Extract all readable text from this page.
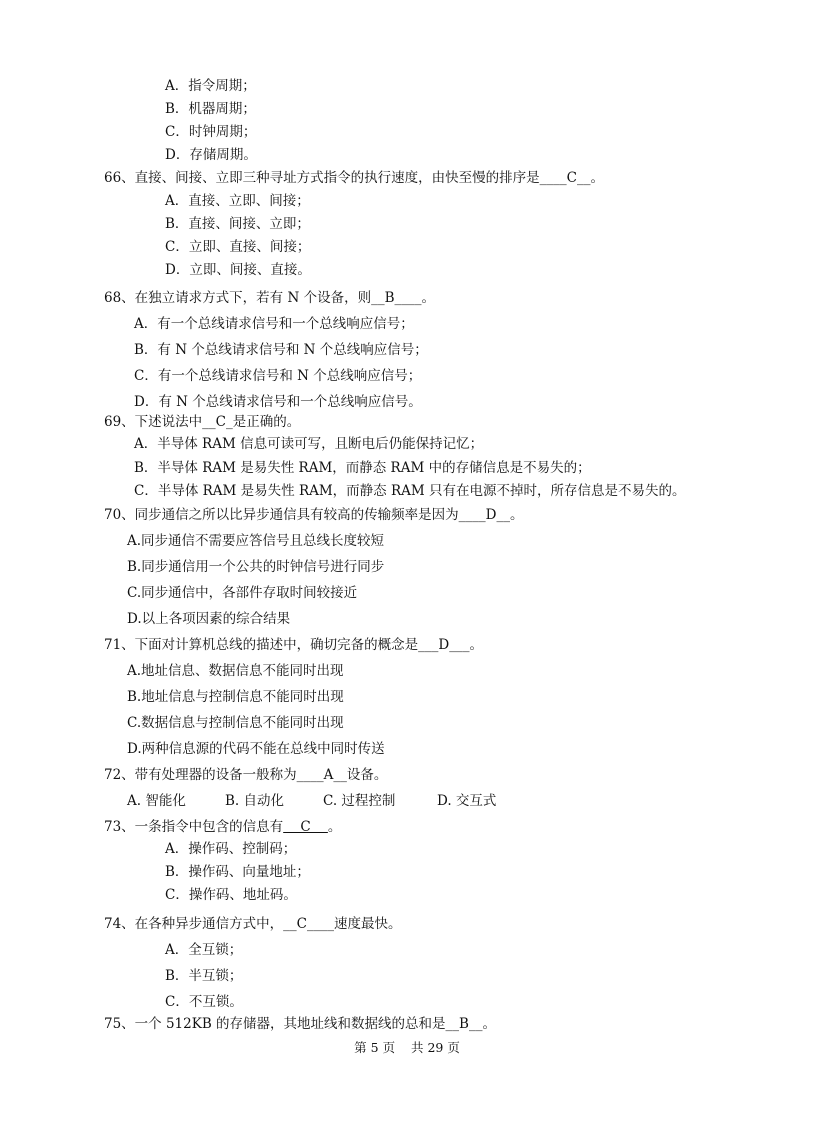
A．指令周期；
B．机器周期；
C．时钟周期；
D．存储周期。
66、直接、间接、立即三种寻址方式指令的执行速度，由快至慢的排序是____C__。
A．直接、立即、间接；
B．直接、间接、立即；
C．立即、直接、间接；
D．立即、间接、直接。
68、在独立请求方式下，若有 N 个设备，则__B____。
A．有一个总线请求信号和一个总线响应信号；
B．有 N 个总线请求信号和 N 个总线响应信号；
C．有一个总线请求信号和 N 个总线响应信号；
D．有 N 个总线请求信号和一个总线响应信号。
69、下述说法中__C_是正确的。
A．半导体 RAM 信息可读可写，且断电后仍能保持记忆；
B．半导体 RAM 是易失性 RAM，而静态 RAM 中的存储信息是不易失的；
C．半导体 RAM 是易失性 RAM，而静态 RAM 只有在电源不掉时，所存信息是不易失的。
70、同步通信之所以比异步通信具有较高的传输频率是因为____D__。
A.同步通信不需要应答信号且总线长度较短
B.同步通信用一个公共的时钟信号进行同步
C.同步通信中，各部件存取时间较接近
D.以上各项因素的综合结果
71、下面对计算机总线的描述中，确切完备的概念是___D___。
A.地址信息、数据信息不能同时出现
B.地址信息与控制信息不能同时出现
C.数据信息与控制信息不能同时出现
D.两种信息源的代码不能在总线中同时传送
72、带有处理器的设备一般称为____A__设备。
A. 智能化	B. 自动化	C. 过程控制	D. 交互式
73、一条指令中包含的信息有    C    。
A．操作码、控制码；
B．操作码、向量地址；
C．操作码、地址码。
74、在各种异步通信方式中，__C____速度最快。
A．全互锁；
B．半互锁；
C．不互锁。
75、一个 512KB 的存储器，其地址线和数据线的总和是__B__。
第 5 页    共 29 页
